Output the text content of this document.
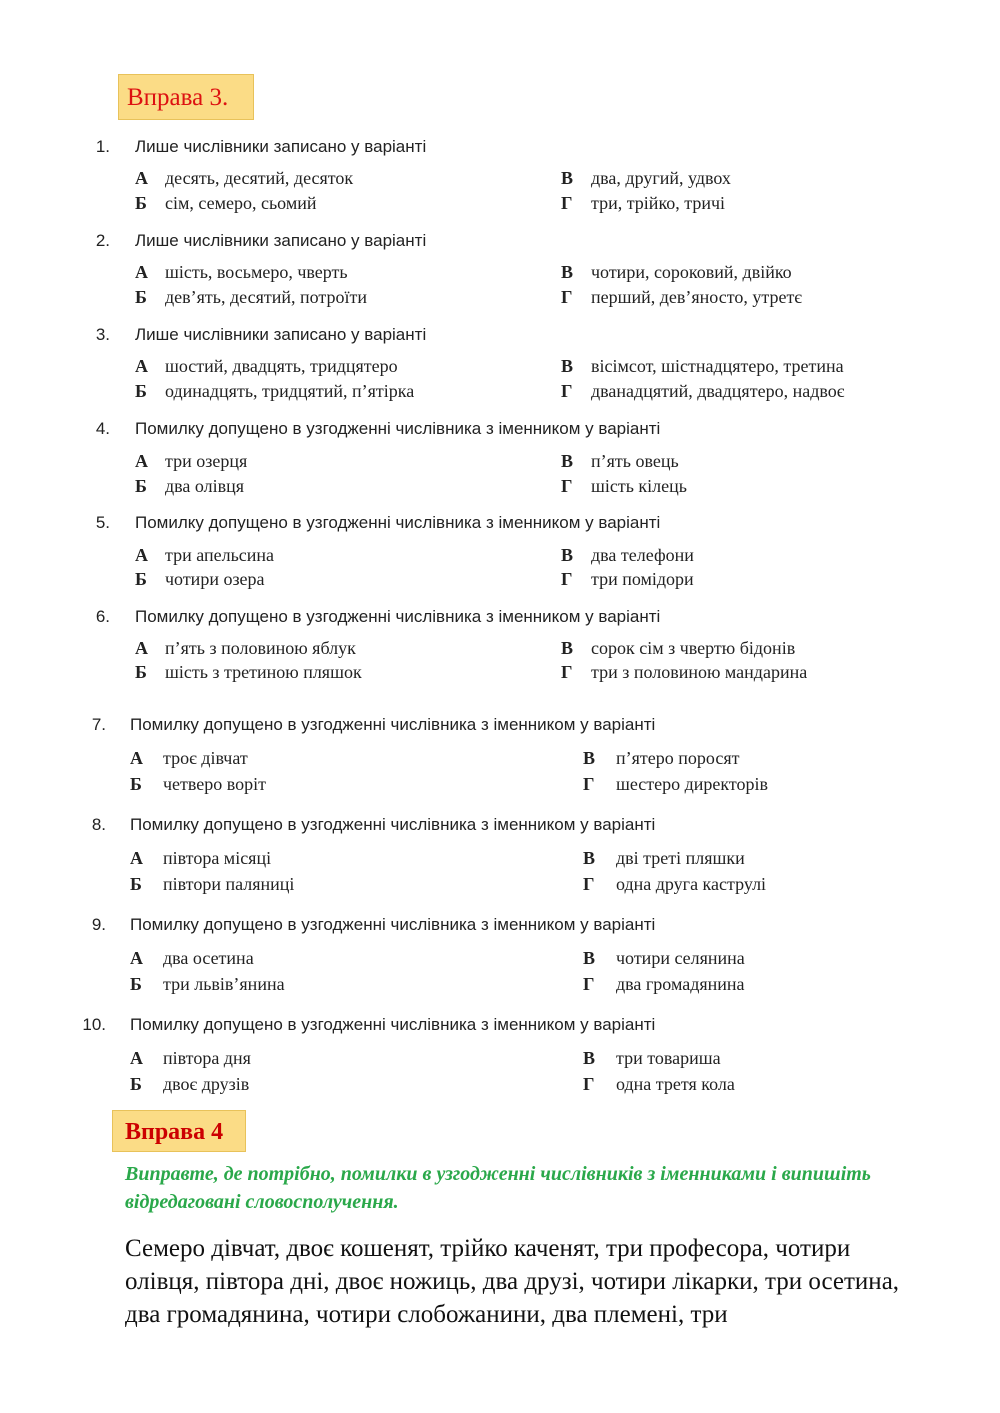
Вправа 3.
1. Лише числівники записано у варіанті
А десять, десятий, десяток
Б сім, семеро, сьомий
В два, другий, удвох
Г три, трійко, тричі
2. Лише числівники записано у варіанті
А шість, восьмеро, чверть
Б дев’ять, десятий, потроїти
В чотири, сороковий, двійко
Г перший, дев’яносто, утретє
3. Лише числівники записано у варіанті
А шостий, двадцять, тридцятеро
Б одинадцять, тридцятий, п’ятірка
В вісімсот, шістнадцятеро, третина
Г дванадцятий, двадцятеро, надвоє
4. Помилку допущено в узгодженні числівника з іменником у варіанті
А три озерця
Б два олівця
В п’ять овець
Г шість кілець
5. Помилку допущено в узгодженні числівника з іменником у варіанті
А три апельсина
Б чотири озера
В два телефони
Г три помідори
6. Помилку допущено в узгодженні числівника з іменником у варіанті
А п’ять з половиною яблук
Б шість з третиною пляшок
В сорок сім з чвертю бідонів
Г три з половиною мандарина
7. Помилку допущено в узгодженні числівника з іменником у варіанті
А троє дівчат
Б четверо воріт
В п’ятеро поросят
Г шестеро директорів
8. Помилку допущено в узгодженні числівника з іменником у варіанті
А півтора місяці
Б півтори паляниці
В дві треті пляшки
Г одна друга каструлі
9. Помилку допущено в узгодженні числівника з іменником у варіанті
А два осетина
Б три львів’янина
В чотири селянина
Г два громадянина
10. Помилку допущено в узгодженні числівника з іменником у варіанті
А півтора дня
Б двоє друзів
В три товариша
Г одна третя кола
Вправа 4
Виправте, де потрібно, помилки в узгодженні числівників з іменниками і випишіть відредаговані словосполучення.
Семеро дівчат, двоє кошенят, трійко каченят, три професора, чотири олівця, півтора дні, двоє ножиць, два друзі, чотири лікарки, три осетина, два громадянина, чотири слобожанини, два племені, три
